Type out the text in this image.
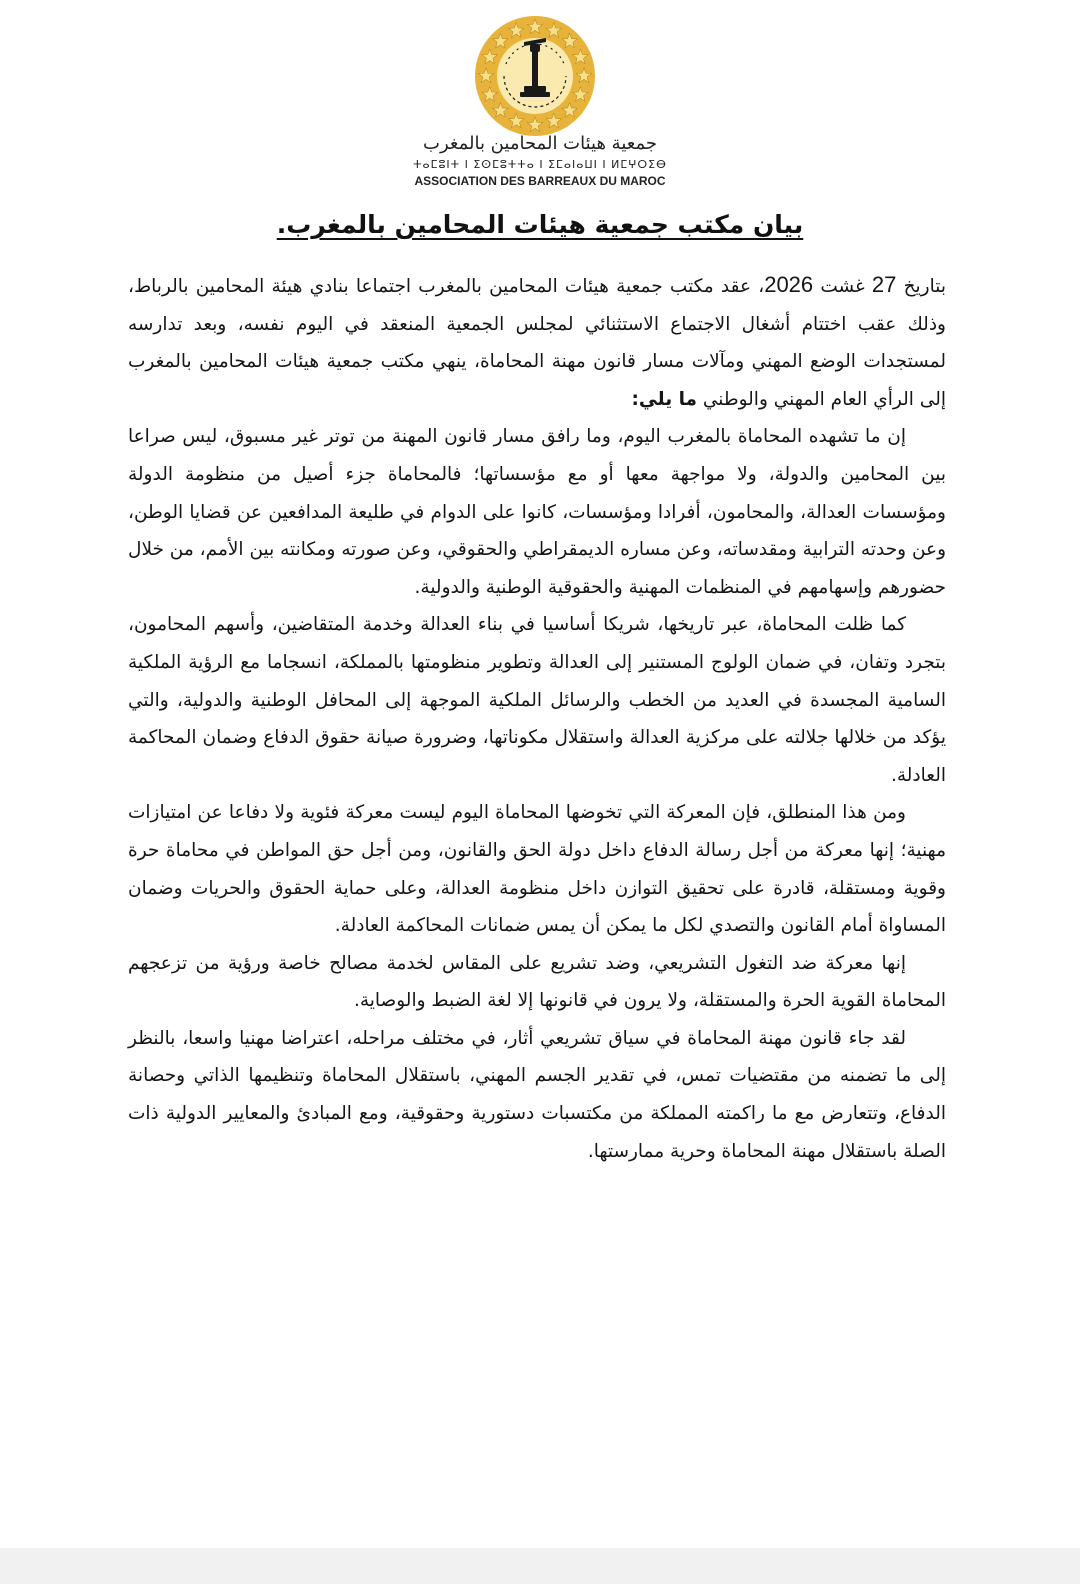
جمعية هيئات المحامين بالمغرب
ⵜⴰⵎⵓⵏⵜ ⵏ ⵉⵙⵎⵓⵜⵜⴰ ⵏ ⵉⵎⴰⵏⴰⵡⵏ ⵏ ⵍⵎⵖⵔⵉⴱ
ASSOCIATION DES BARREAUX DU MAROC
بيان مكتب جمعية هيئات المحامين بالمغرب.

بتاريخ 27 غشت 2026، عقد مكتب جمعية هيئات المحامين بالمغرب اجتماعا بنادي هيئة المحامين بالرباط، وذلك عقب اختتام أشغال الاجتماع الاستثنائي لمجلس الجمعية المنعقد في اليوم نفسه، وبعد تدارسه لمستجدات الوضع المهني ومآلات مسار قانون مهنة المحاماة، ينهي مكتب جمعية هيئات المحامين بالمغرب إلى الرأي العام المهني والوطني ما يلي:

إن ما تشهده المحاماة بالمغرب اليوم، وما رافق مسار قانون المهنة من توتر غير مسبوق، ليس صراعا بين المحامين والدولة، ولا مواجهة معها أو مع مؤسساتها؛ فالمحاماة جزء أصيل من منظومة الدولة ومؤسسات العدالة، والمحامون، أفرادا ومؤسسات، كانوا على الدوام في طليعة المدافعين عن قضايا الوطن، وعن وحدته الترابية ومقدساته، وعن مساره الديمقراطي والحقوقي، وعن صورته ومكانته بين الأمم، من خلال حضورهم وإسهامهم في المنظمات المهنية والحقوقية الوطنية والدولية.

كما ظلت المحاماة، عبر تاريخها، شريكا أساسيا في بناء العدالة وخدمة المتقاضين، وأسهم المحامون، بتجرد وتفان، في ضمان الولوج المستنير إلى العدالة وتطوير منظومتها بالمملكة، انسجاما مع الرؤية الملكية السامية المجسدة في العديد من الخطب والرسائل الملكية الموجهة إلى المحافل الوطنية والدولية، والتي يؤكد من خلالها جلالته على مركزية العدالة واستقلال مكوناتها، وضرورة صيانة حقوق الدفاع وضمان المحاكمة العادلة.

ومن هذا المنطلق، فإن المعركة التي تخوضها المحاماة اليوم ليست معركة فئوية ولا دفاعا عن امتيازات مهنية؛ إنها معركة من أجل رسالة الدفاع داخل دولة الحق والقانون، ومن أجل حق المواطن في محاماة حرة وقوية ومستقلة، قادرة على تحقيق التوازن داخل منظومة العدالة، وعلى حماية الحقوق والحريات وضمان المساواة أمام القانون والتصدي لكل ما يمكن أن يمس ضمانات المحاكمة العادلة.

إنها معركة ضد التغول التشريعي، وضد تشريع على المقاس لخدمة مصالح خاصة ورؤية من تزعجهم المحاماة القوية الحرة والمستقلة، ولا يرون في قانونها إلا لغة الضبط والوصاية.

لقد جاء قانون مهنة المحاماة في سياق تشريعي أثار، في مختلف مراحله، اعتراضا مهنيا واسعا، بالنظر إلى ما تضمنه من مقتضيات تمس، في تقدير الجسم المهني، باستقلال المحاماة وتنظيمها الذاتي وحصانة الدفاع، وتتعارض مع ما راكمته المملكة من مكتسبات دستورية وحقوقية، ومع المبادئ والمعايير الدولية ذات الصلة باستقلال مهنة المحاماة وحرية ممارستها.
